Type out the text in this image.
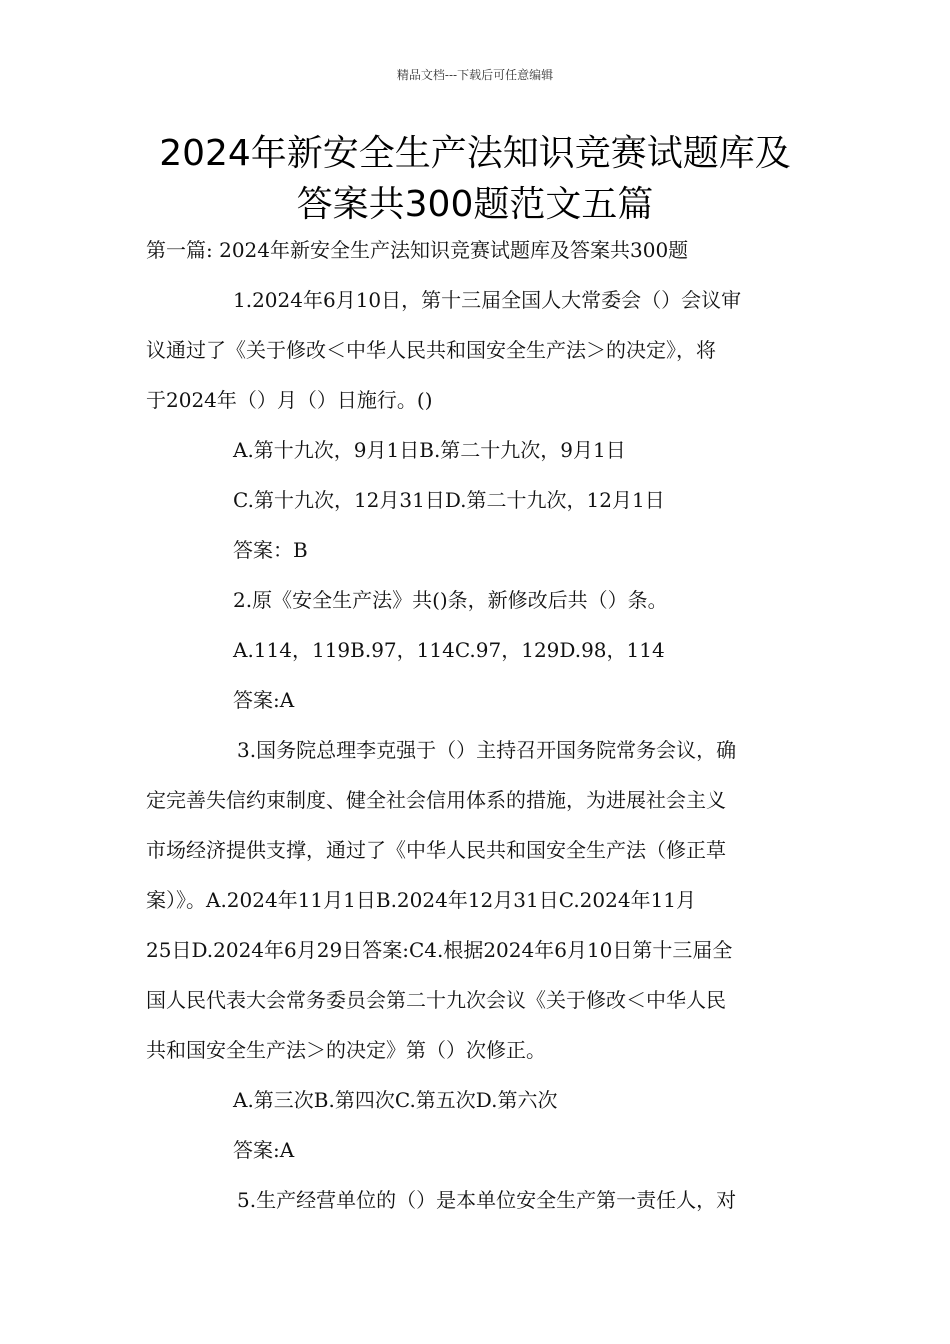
精品文档---下载后可任意编辑
2024年新安全生产法知识竞赛试题库及
答案共300题范文五篇
第一篇: 2024年新安全生产法知识竞赛试题库及答案共300题
1.2024年6月10日，第十三届全国人大常委会（）会议审
议通过了《关于修改＜中华人民共和国安全生产法＞的决定》，将
于2024年（）月（）日施行。()
A.第十九次，9月1日B.第二十九次，9月1日
C.第十九次，12月31日D.第二十九次，12月1日
答案：B
2.原《安全生产法》共()条，新修改后共（）条。
A.114，119B.97，114C.97，129D.98，114
答案:A
3.国务院总理李克强于（）主持召开国务院常务会议，确
定完善失信约束制度、健全社会信用体系的措施，为进展社会主义
市场经济提供支撑，通过了《中华人民共和国安全生产法（修正草
案）》。A.2024年11月1日B.2024年12月31日C.2024年11月
25日D.2024年6月29日答案:C4.根据2024年6月10日第十三届全
国人民代表大会常务委员会第二十九次会议《关于修改＜中华人民
共和国安全生产法＞的决定》第（）次修正。
A.第三次B.第四次C.第五次D.第六次
答案:A
5.生产经营单位的（）是本单位安全生产第一责任人，对
